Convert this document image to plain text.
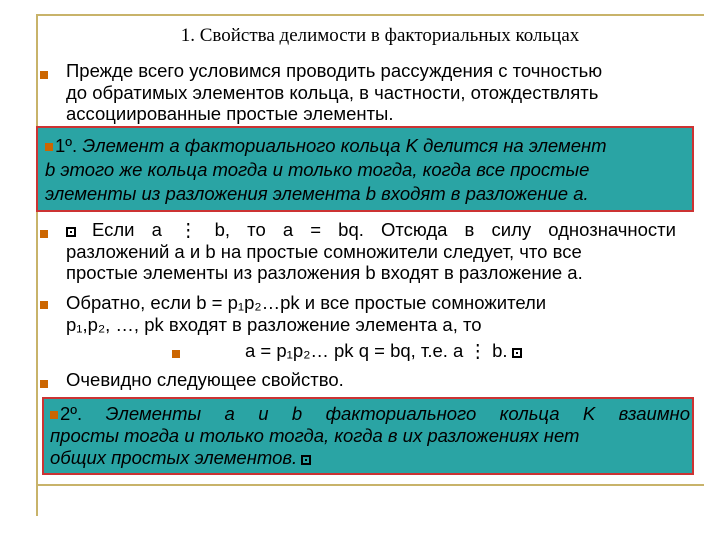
1. Свойства делимости в факториальных кольцах
Прежде всего условимся проводить рассуждения с точностью
до обратимых элементов кольца, в частности, отождествлять
ассоциированные простые элементы.
1º. Элемент a факториального кольца K делится на элемент
b этого же кольца тогда и только тогда, когда все простые
элементы из разложения элемента b входят в разложение a.
Если a ⋮ b, то a = bq. Отсюда в силу однозначности
разложений a и b на простые сомножители следует, что все
простые элементы из разложения b входят в разложение a.
Обратно, если b = p₁p₂…pk и все простые сомножители
p₁,p₂, …, pk входят в разложение элемента a, то
a = p₁p₂… pk q = bq, т.е. a ⋮ b.
Очевидно следующее свойство.
2º. Элементы a и b факториального кольца K взаимно
просты тогда и только тогда, когда в их разложениях нет
общих простых элементов.
